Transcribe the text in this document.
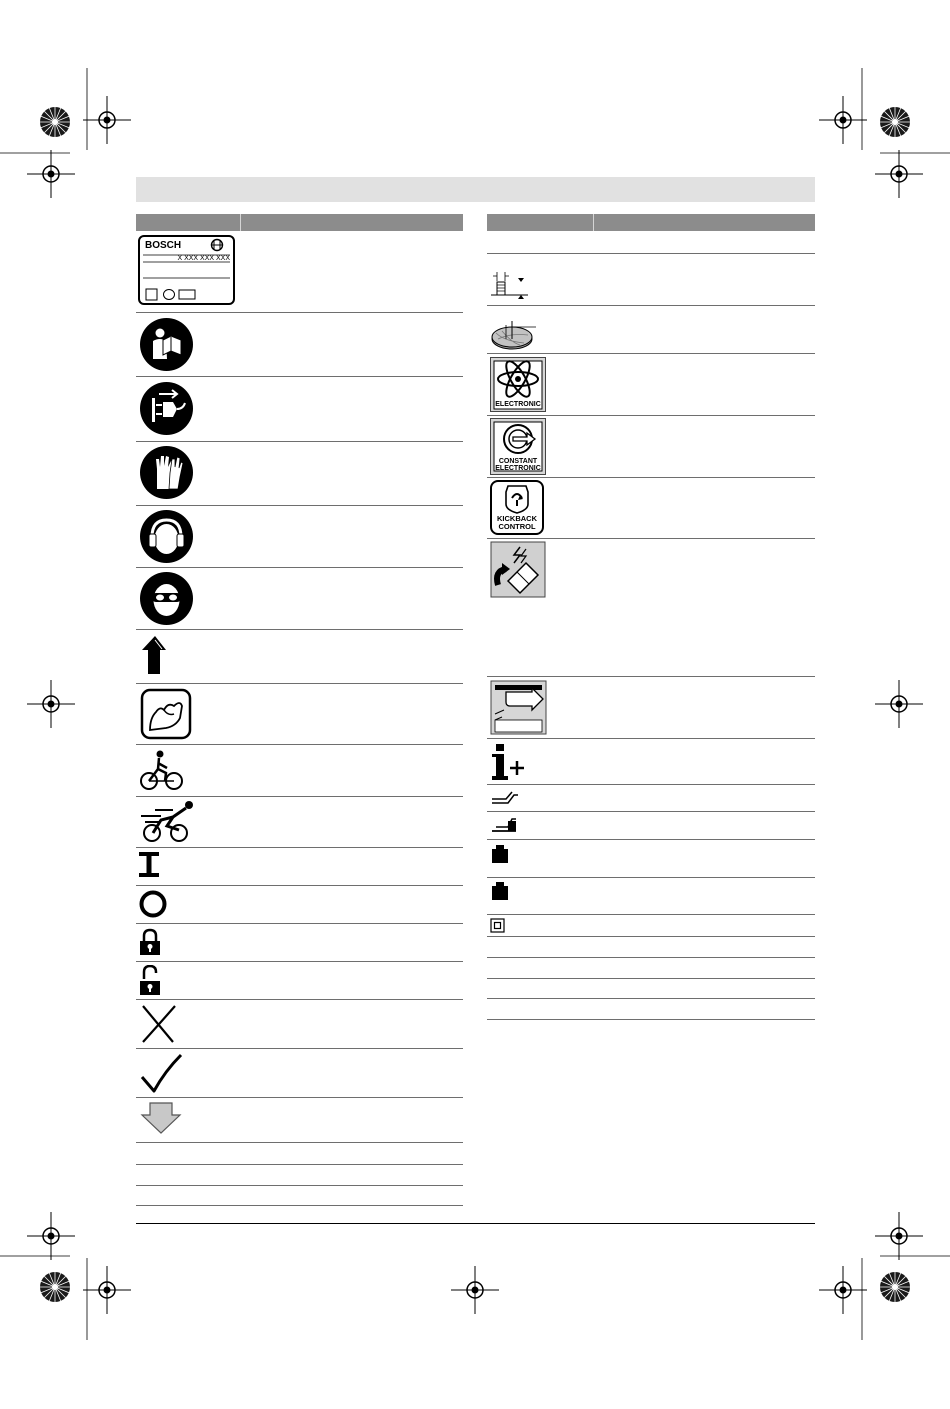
BOSCH
X XXX XXX XXX
ELECTRONIC
CONSTANT
ELECTRONIC
KICKBACK
CONTROL
